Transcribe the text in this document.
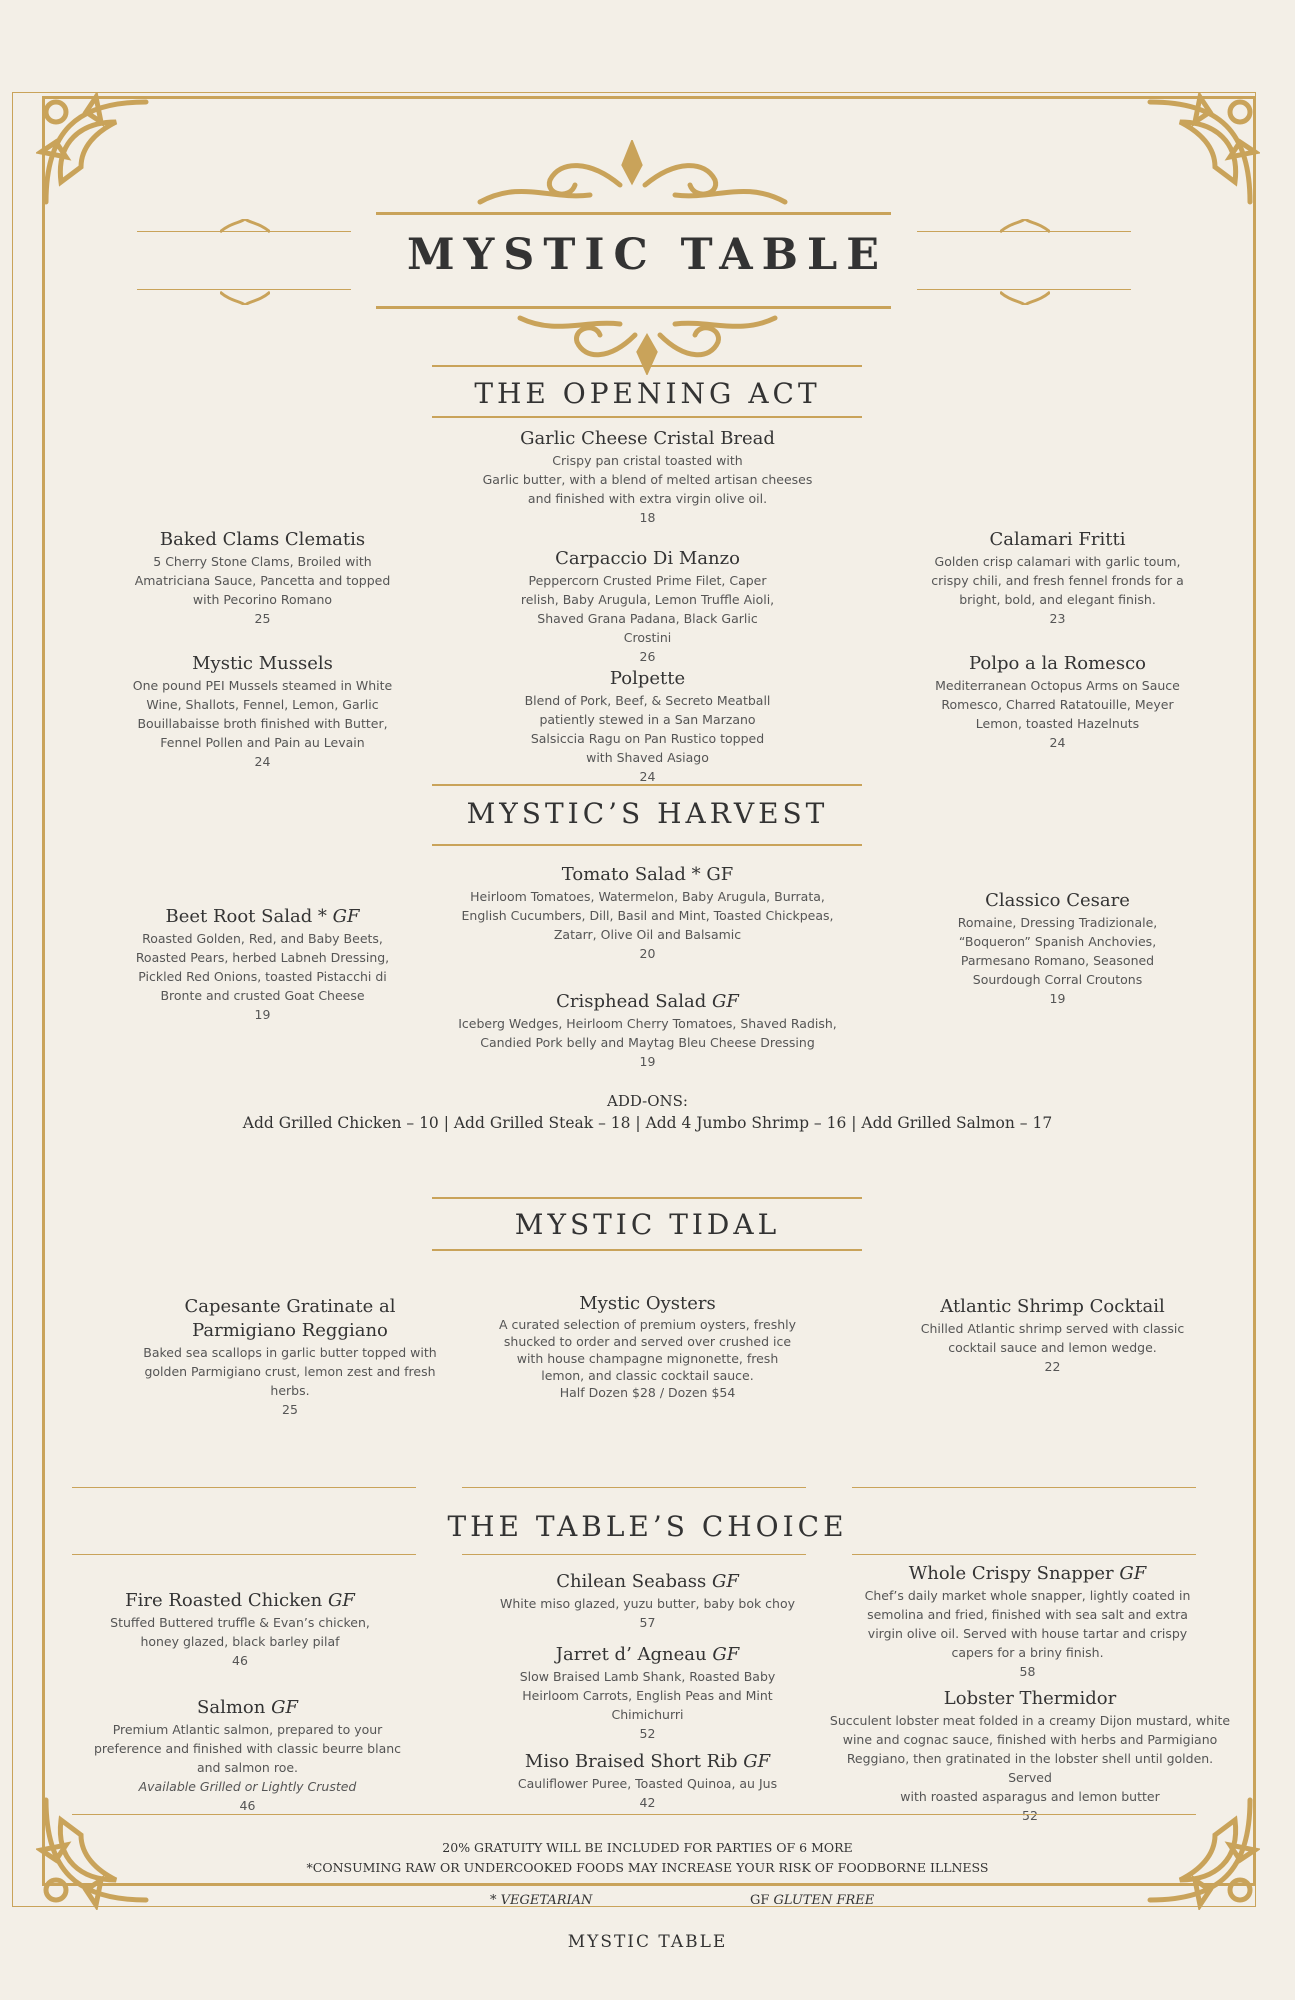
MYSTIC TABLE
THE OPENING ACT
Garlic Cheese Cristal Bread
Crispy pan cristal toasted with
Garlic butter, with a blend of melted artisan cheeses
and finished with extra virgin olive oil.
18
Baked Clams Clematis
5 Cherry Stone Clams, Broiled with
Amatriciana Sauce, Pancetta and topped
with Pecorino Romano
25
Carpaccio Di Manzo
Peppercorn Crusted Prime Filet, Caper
relish, Baby Arugula, Lemon Truffle Aioli,
Shaved Grana Padana, Black Garlic
Crostini
26
Calamari Fritti
Golden crisp calamari with garlic toum,
crispy chili, and fresh fennel fronds for a
bright, bold, and elegant finish.
23
Mystic Mussels
One pound PEI Mussels steamed in White
Wine, Shallots, Fennel, Lemon, Garlic
Bouillabaisse broth finished with Butter,
Fennel Pollen and Pain au Levain
24
Polpette
Blend of Pork, Beef, & Secreto Meatball
patiently stewed in a San Marzano
Salsiccia Ragu on Pan Rustico topped
with Shaved Asiago
24
Polpo a la Romesco
Mediterranean Octopus Arms on Sauce
Romesco, Charred Ratatouille, Meyer
Lemon, toasted Hazelnuts
24
MYSTIC’S HARVEST
Tomato Salad * GF
Heirloom Tomatoes, Watermelon, Baby Arugula, Burrata,
English Cucumbers, Dill, Basil and Mint, Toasted Chickpeas,
Zatarr, Olive Oil and Balsamic
20
Beet Root Salad * GF
Roasted Golden, Red, and Baby Beets,
Roasted Pears, herbed Labneh Dressing,
Pickled Red Onions, toasted Pistacchi di
Bronte and crusted Goat Cheese
19
Classico Cesare
Romaine, Dressing Tradizionale,
“Boqueron” Spanish Anchovies,
Parmesano Romano, Seasoned
Sourdough Corral Croutons
19
Crisphead Salad GF
Iceberg Wedges, Heirloom Cherry Tomatoes, Shaved Radish,
Candied Pork belly and Maytag Bleu Cheese Dressing
19
ADD-ONS:
Add Grilled Chicken – 10 | Add Grilled Steak – 18 | Add 4 Jumbo Shrimp – 16 | Add Grilled Salmon – 17
MYSTIC TIDAL
Capesante Gratinate al
Parmigiano Reggiano
Baked sea scallops in garlic butter topped with
golden Parmigiano crust, lemon zest and fresh
herbs.
25
Mystic Oysters
A curated selection of premium oysters, freshly
shucked to order and served over crushed ice
with house champagne mignonette, fresh
lemon, and classic cocktail sauce.
Half Dozen $28 / Dozen $54
Atlantic Shrimp Cocktail
Chilled Atlantic shrimp served with classic
cocktail sauce and lemon wedge.
22
THE TABLE’S CHOICE
Fire Roasted Chicken GF
Stuffed Buttered truffle & Evan’s chicken,
honey glazed, black barley pilaf
46
Salmon GF
Premium Atlantic salmon, prepared to your
preference and finished with classic beurre blanc
and salmon roe.
Available Grilled or Lightly Crusted
46
Chilean Seabass GF
White miso glazed, yuzu butter, baby bok choy
57
Jarret d’ Agneau GF
Slow Braised Lamb Shank, Roasted Baby
Heirloom Carrots, English Peas and Mint
Chimichurri
52
Miso Braised Short Rib GF
Cauliflower Puree, Toasted Quinoa, au Jus
42
Whole Crispy Snapper GF
Chef’s daily market whole snapper, lightly coated in
semolina and fried, finished with sea salt and extra
virgin olive oil. Served with house tartar and crispy
capers for a briny finish.
58
Lobster Thermidor
Succulent lobster meat folded in a creamy Dijon mustard, white
wine and cognac sauce, finished with herbs and Parmigiano
Reggiano, then gratinated in the lobster shell until golden. Served
with roasted asparagus and lemon butter
52
20% GRATUITY WILL BE INCLUDED FOR PARTIES OF 6 MORE
*CONSUMING RAW OR UNDERCOOKED FOODS MAY INCREASE YOUR RISK OF FOODBORNE ILLNESS
* VEGETARIAN	GF GLUTEN FREE
MYSTIC TABLE
